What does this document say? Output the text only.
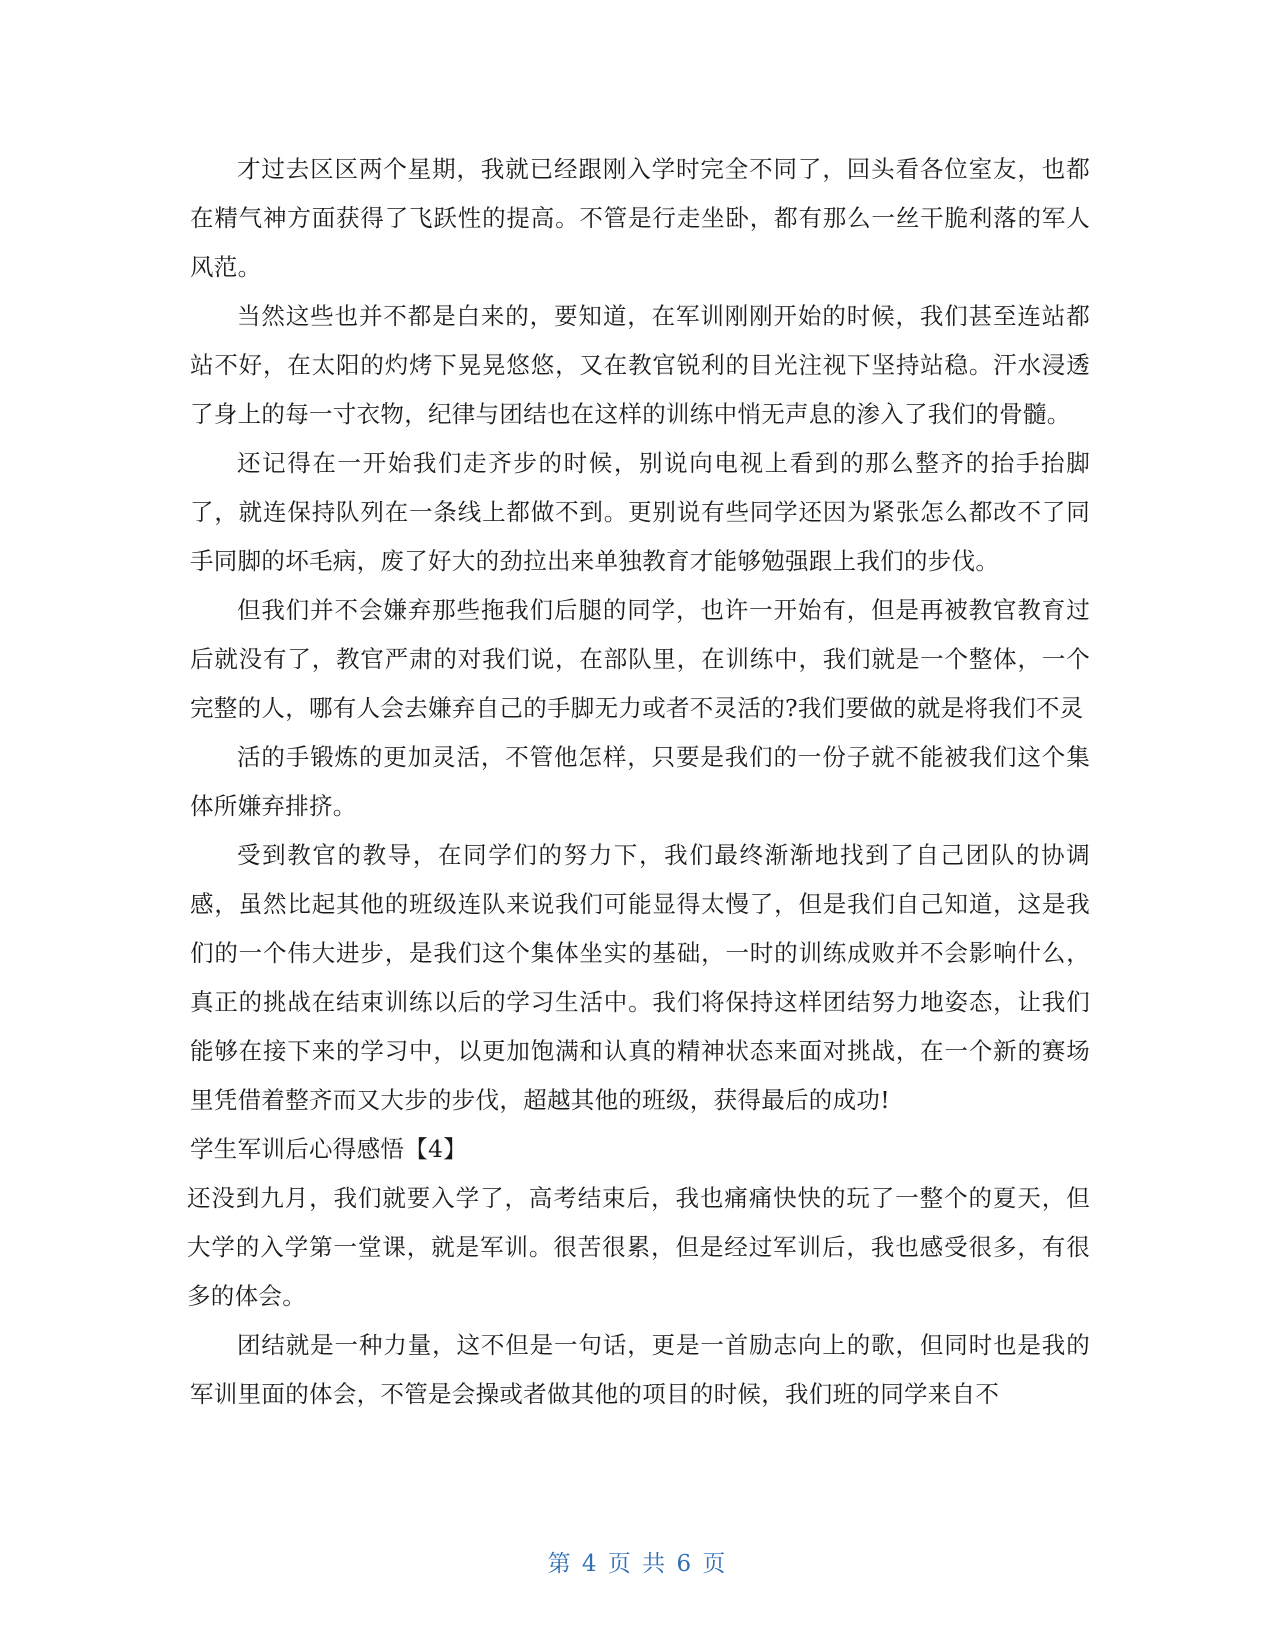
才过去区区两个星期，我就已经跟刚入学时完全不同了，回头看各位室友，也都在精气神方面获得了飞跃性的提高。不管是行走坐卧，都有那么一丝干脆利落的军人风范。

当然这些也并不都是白来的，要知道，在军训刚刚开始的时候，我们甚至连站都站不好，在太阳的灼烤下晃晃悠悠，又在教官锐利的目光注视下坚持站稳。汗水浸透了身上的每一寸衣物，纪律与团结也在这样的训练中悄无声息的渗入了我们的骨髓。

还记得在一开始我们走齐步的时候，别说向电视上看到的那么整齐的抬手抬脚了，就连保持队列在一条线上都做不到。更别说有些同学还因为紧张怎么都改不了同手同脚的坏毛病，废了好大的劲拉出来单独教育才能够勉强跟上我们的步伐。

但我们并不会嫌弃那些拖我们后腿的同学，也许一开始有，但是再被教官教育过后就没有了，教官严肃的对我们说，在部队里，在训练中，我们就是一个整体，一个完整的人，哪有人会去嫌弃自己的手脚无力或者不灵活的?我们要做的就是将我们不灵

活的手锻炼的更加灵活，不管他怎样，只要是我们的一份子就不能被我们这个集体所嫌弃排挤。

受到教官的教导，在同学们的努力下，我们最终渐渐地找到了自己团队的协调感，虽然比起其他的班级连队来说我们可能显得太慢了，但是我们自己知道，这是我们的一个伟大进步，是我们这个集体坐实的基础，一时的训练成败并不会影响什么，真正的挑战在结束训练以后的学习生活中。我们将保持这样团结努力地姿态，让我们能够在接下来的学习中，以更加饱满和认真的精神状态来面对挑战，在一个新的赛场里凭借着整齐而又大步的步伐，超越其他的班级，获得最后的成功!

学生军训后心得感悟【4】

还没到九月，我们就要入学了，高考结束后，我也痛痛快快的玩了一整个的夏天，但大学的入学第一堂课，就是军训。很苦很累，但是经过军训后，我也感受很多，有很多的体会。

团结就是一种力量，这不但是一句话，更是一首励志向上的歌，但同时也是我的军训里面的体会，不管是会操或者做其他的项目的时候，我们班的同学来自不

第 4 页 共 6 页
